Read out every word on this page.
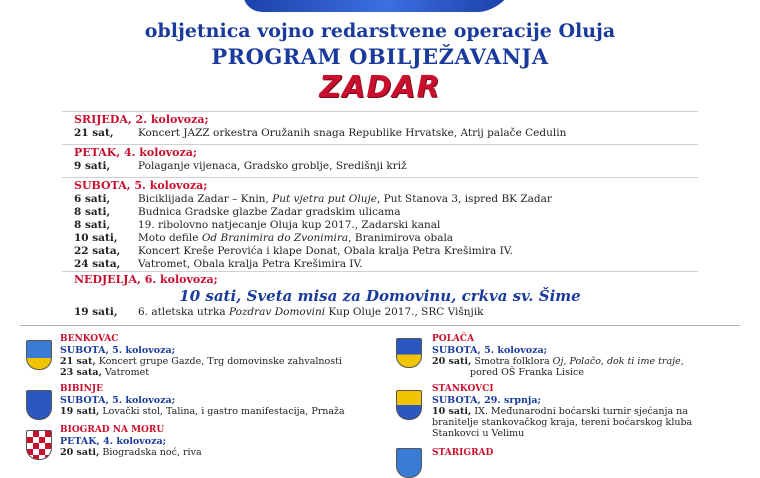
obljetnica vojno redarstvene operacije Oluja
PROGRAM OBILJEŽAVANJA
ZADAR
SRIJEDA, 2. kolovoza;
21 sat, Koncert JAZZ orkestra Oružanih snaga Republike Hrvatske, Atrij palače Cedulin
PETAK, 4. kolovoza;
9 sati,	Polaganje vijenaca, Gradsko groblje, Središnji križ
SUBOTA, 5. kolovoza;
6 sati,	Biciklijada Zadar – Knin, Put vjetra put Oluje, Put Stanova 3, ispred BK Zadar
8 sati,	Budnica Gradske glazbe Zadar gradskim ulicama
8 sati,	19. ribolovno natjecanje Oluja kup 2017., Zadarski kanal
10 sati, Moto defile Od Branimira do Zvonimira, Branimirova obala
22 sata, Koncert Kreše Perovića i klape Donat, Obala kralja Petra Krešimira IV.
24 sata, Vatromet, Obala kralja Petra Krešimira IV.
NEDJELJA, 6. kolovoza;
10 sati, Sveta misa za Domovinu, crkva sv. Šime
19 sati, 6. atletska utrka Pozdrav Domovini Kup Oluje 2017., SRC Višnjik
BENKOVAC
SUBOTA, 5. kolovoza;
21 sat, Koncert grupe Gazde, Trg domovinske zahvalnosti
23 sata, Vatromet
BIBINJE
SUBOTA, 5. kolovoza;
19 sati, Lovački stol, Talina, i gastro manifestacija, Prnaža
BIOGRAD NA MORU
PETAK, 4. kolovoza;
20 sati, Biogradska noć, riva
POLAČA
SUBOTA, 5. kolovoza;
20 sati, Smotra folklora Oj, Polačo, dok ti ime traje,
pored OŠ Franka Lisice
STANKOVCI
SUBOTA, 29. srpnja;
10 sati, IX. Međunarodni boćarski turnir sjećanja na
branitelje stankovačkog kraja, tereni boćarskog kluba
Stankovci u Velimu
STARIGRAD
